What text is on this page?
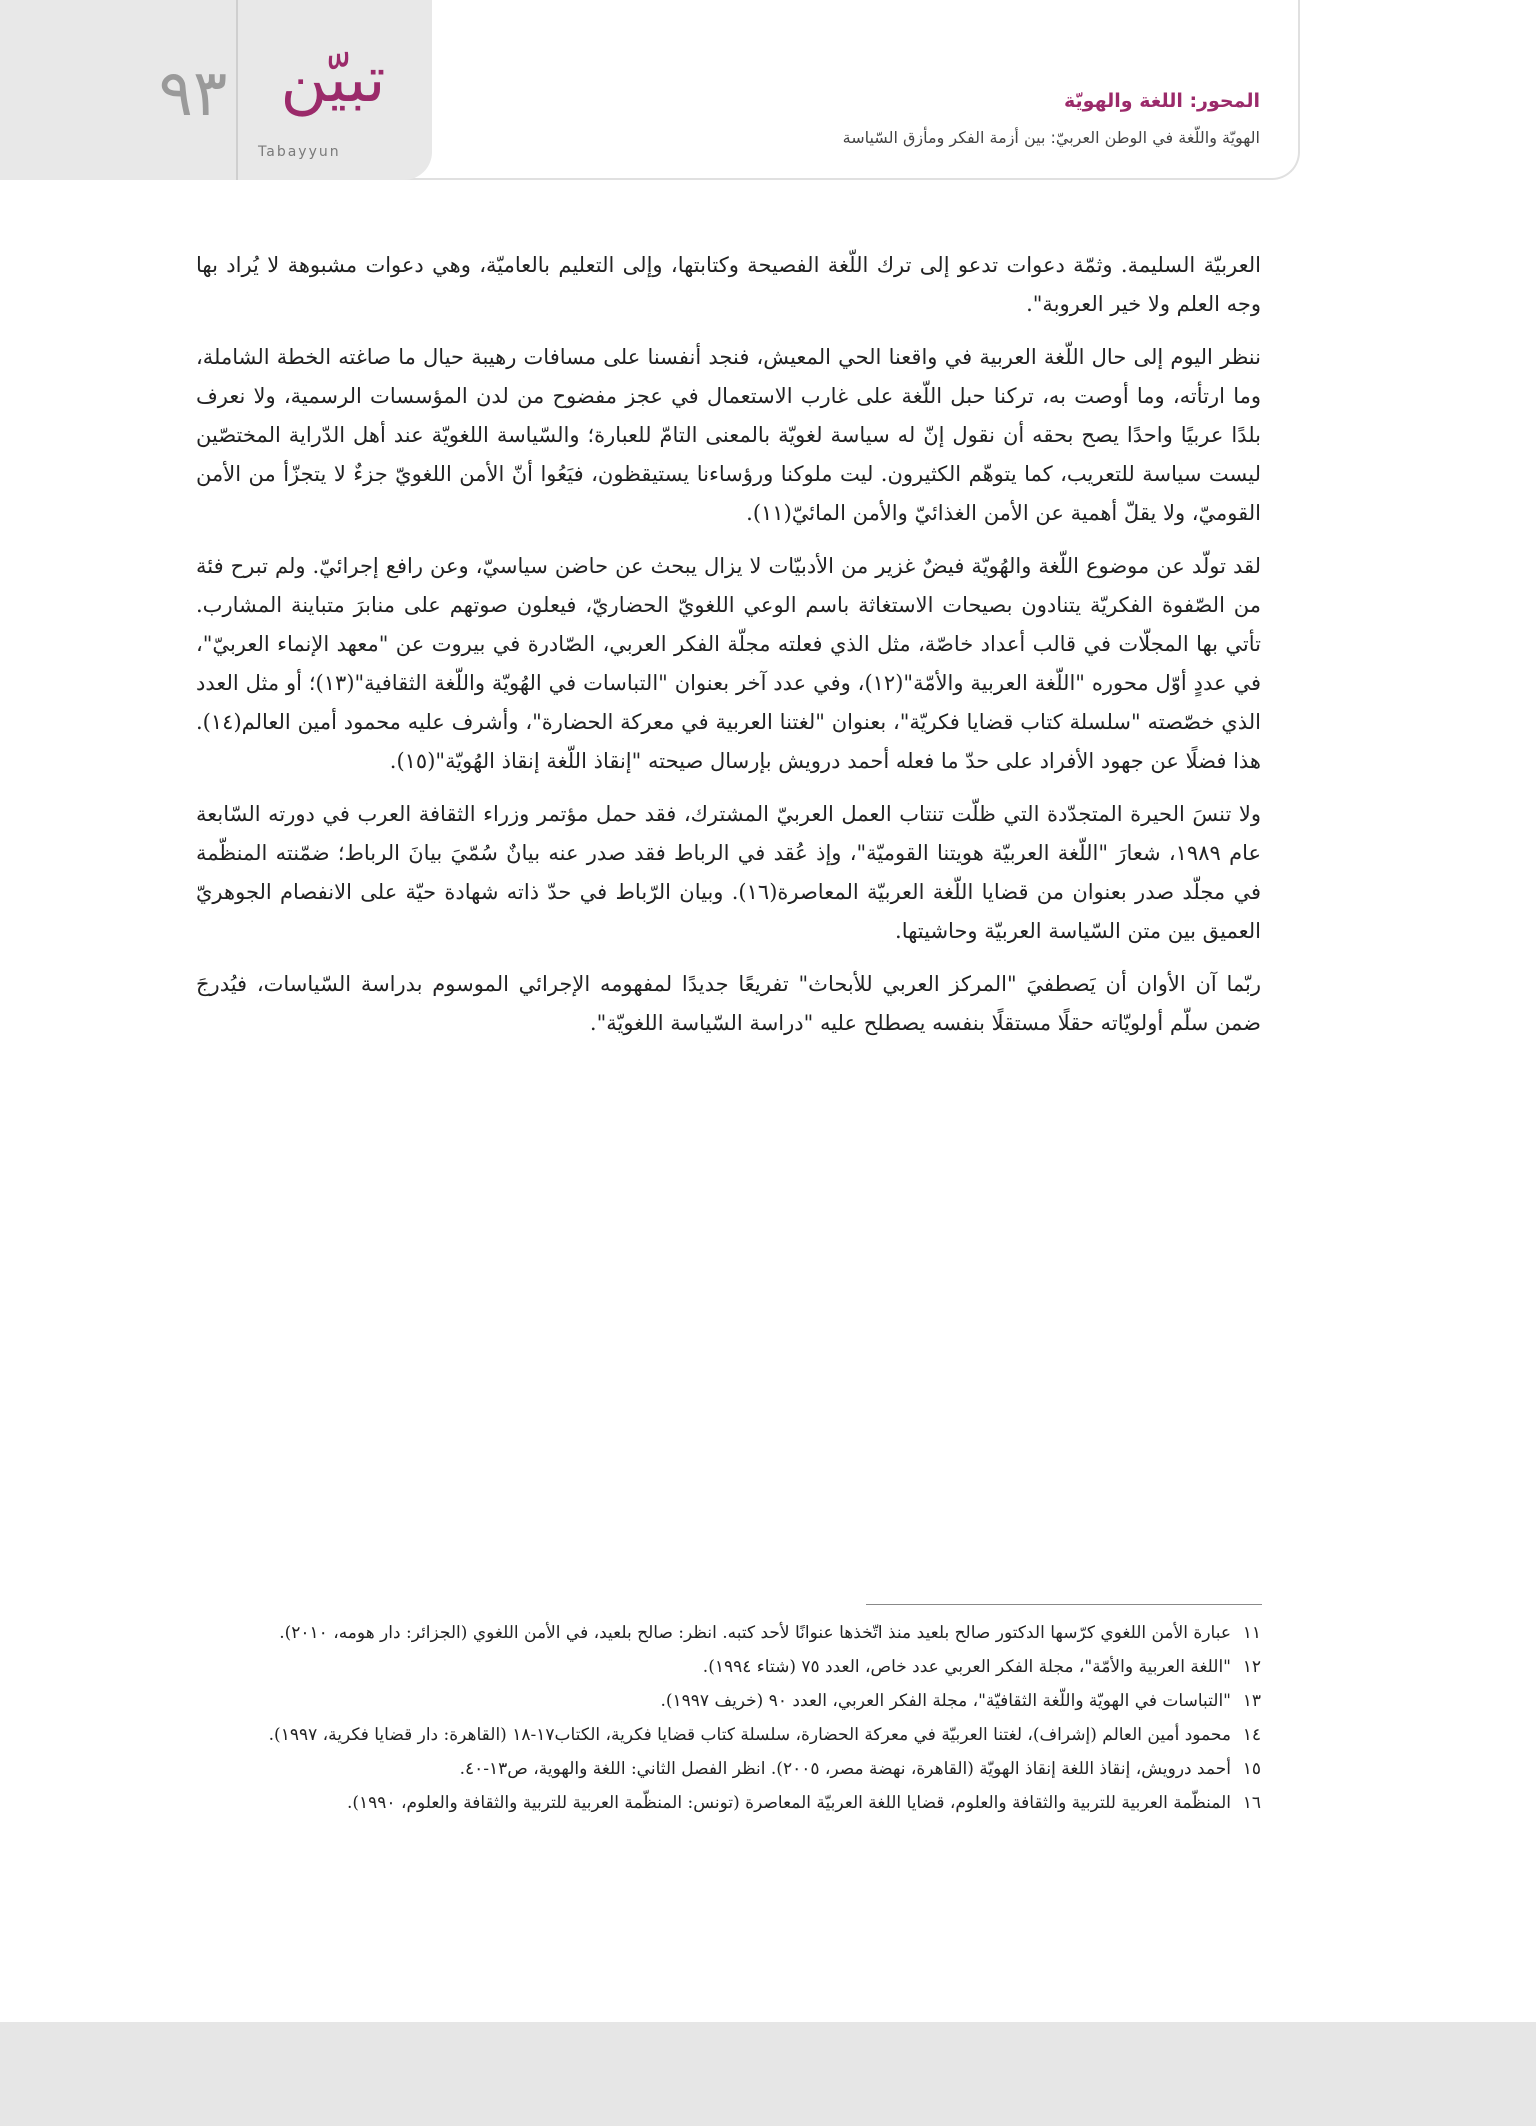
٩٣ تبيّن
Tabayyun
المحور: اللغة والهويّة
الهويّة واللّغة في الوطن العربيّ: بين أزمة الفكر ومأزق السّياسة

العربيّة السليمة. وثمّة دعوات تدعو إلى ترك اللّغة الفصيحة وكتابتها، وإلى التعليم بالعاميّة، وهي دعوات مشبوهة لا يُراد بها وجه العلم ولا خير العروبة".

ننظر اليوم إلى حال اللّغة العربية في واقعنا الحي المعيش، فنجد أنفسنا على مسافات رهيبة حيال ما صاغته الخطة الشاملة، وما ارتأته، وما أوصت به، تركنا حبل اللّغة على غارب الاستعمال في عجز مفضوح من لدن المؤسسات الرسمية، ولا نعرف بلدًا عربيًا واحدًا يصح بحقه أن نقول إنّ له سياسة لغويّة بالمعنى التامّ للعبارة؛ والسّياسة اللغويّة عند أهل الدّراية المختصّين ليست سياسة للتعريب، كما يتوهّم الكثيرون. ليت ملوكنا ورؤساءنا يستيقظون، فيَعُوا أنّ الأمن اللغويّ جزءٌ لا يتجزّأ من الأمن القوميّ، ولا يقلّ أهمية عن الأمن الغذائيّ والأمن المائيّ(١١).

لقد تولّد عن موضوع اللّغة والهُويّة فيضٌ غزير من الأدبيّات لا يزال يبحث عن حاضن سياسيّ، وعن رافع إجرائيّ. ولم تبرح فئة من الصّفوة الفكريّة يتنادون بصيحات الاستغاثة باسم الوعي اللغويّ الحضاريّ، فيعلون صوتهم على منابرَ متباينة المشارب. تأتي بها المجلّات في قالب أعداد خاصّة، مثل الذي فعلته مجلّة الفكر العربي، الصّادرة في بيروت عن "معهد الإنماء العربيّ"، في عددٍ أوّل محوره "اللّغة العربية والأمّة"(١٢)، وفي عدد آخر بعنوان "التباسات في الهُويّة واللّغة الثقافية"(١٣)؛ أو مثل العدد الذي خصّصته "سلسلة كتاب قضايا فكريّة"، بعنوان "لغتنا العربية في معركة الحضارة"، وأشرف عليه محمود أمين العالم(١٤). هذا فضلًا عن جهود الأفراد على حدّ ما فعله أحمد درويش بإرسال صيحته "إنقاذ اللّغة إنقاذ الهُويّة"(١٥).

ولا تنسَ الحيرة المتجدّدة التي ظلّت تنتاب العمل العربيّ المشترك، فقد حمل مؤتمر وزراء الثقافة العرب في دورته السّابعة عام ١٩٨٩، شعارَ "اللّغة العربيّة هويتنا القوميّة"، وإذ عُقد في الرباط فقد صدر عنه بيانٌ سُمّيَ بيانَ الرباط؛ ضمّنته المنظّمة في مجلّد صدر بعنوان من قضايا اللّغة العربيّة المعاصرة(١٦). وبيان الرّباط في حدّ ذاته شهادة حيّة على الانفصام الجوهريّ العميق بين متن السّياسة العربيّة وحاشيتها.

ربّما آن الأوان أن يَصطفيَ "المركز العربي للأبحاث" تفريعًا جديدًا لمفهومه الإجرائي الموسوم بدراسة السّياسات، فيُدرجَ ضمن سلّم أولويّاته حقلًا مستقلًا بنفسه يصطلح عليه "دراسة السّياسة اللغويّة".

١١
عبارة الأمن اللغوي كرّسها الدكتور صالح بلعيد منذ اتّخذها عنوانًا لأحد كتبه. انظر: صالح بلعيد، في الأمن اللغوي (الجزائر: دار هومه، ٢٠١٠).
١٢
"اللغة العربية والأمّة"، مجلة الفكر العربي عدد خاص، العدد ٧٥ (شتاء ١٩٩٤).
١٣
"التباسات في الهويّة واللّغة الثقافيّة"، مجلة الفكر العربي، العدد ٩٠ (خريف ١٩٩٧).
١٤
محمود أمين العالم (إشراف)، لغتنا العربيّة في معركة الحضارة، سلسلة كتاب قضايا فكرية، الكتاب١٧-١٨ (القاهرة: دار قضايا فكرية، ١٩٩٧).
١٥
أحمد درويش، إنقاذ اللغة إنقاذ الهويّة (القاهرة، نهضة مصر، ٢٠٠٥). انظر الفصل الثاني: اللغة والهوية، ص١٣-٤٠.
١٦
المنظّمة العربية للتربية والثقافة والعلوم، قضايا اللغة العربيّة المعاصرة (تونس: المنظّمة العربية للتربية والثقافة والعلوم، ١٩٩٠).
